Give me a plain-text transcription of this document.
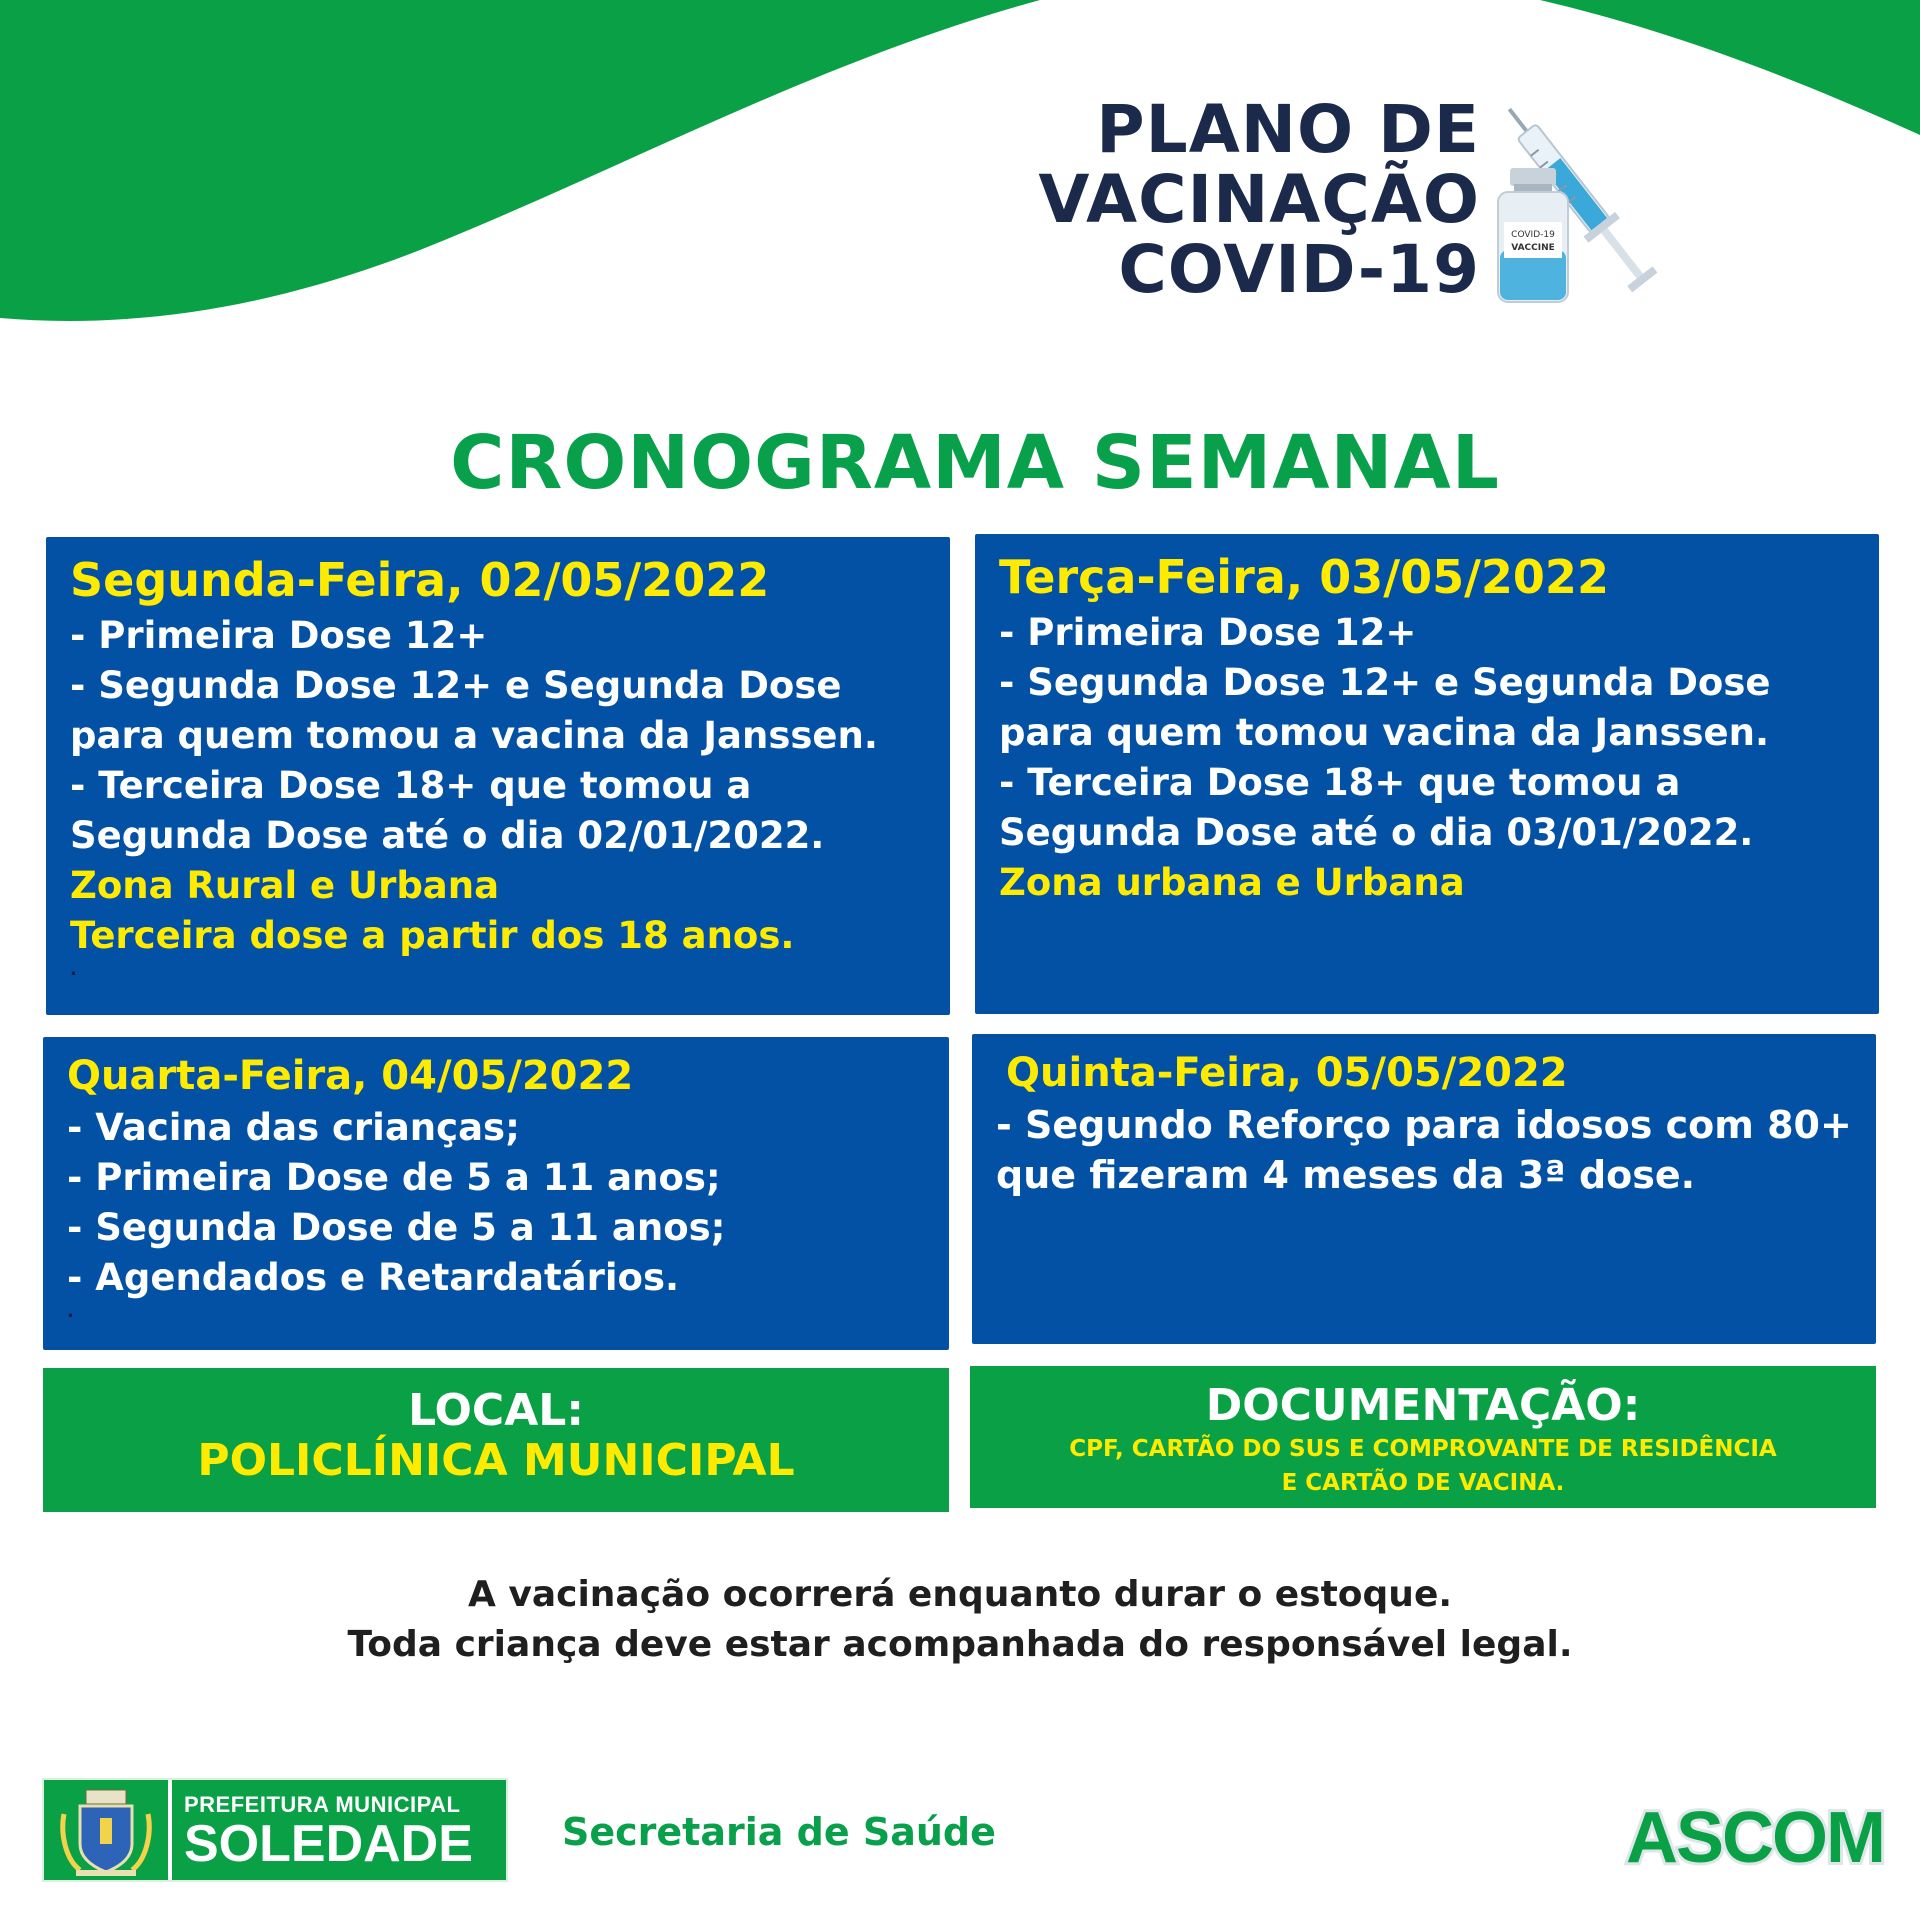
PLANO DE
VACINAÇÃO
COVID-19	COVID-19
VACCINE
CRONOGRAMA SEMANAL
Segunda-Feira, 02/05/2022
- Primeira Dose 12+
- Segunda Dose 12+ e Segunda Dose
para quem tomou a vacina da Janssen.
- Terceira Dose 18+ que tomou a
Segunda Dose até o dia 02/01/2022.
Zona Rural e Urbana
Terceira dose a partir dos 18 anos.
.
Terça-Feira, 03/05/2022
- Primeira Dose 12+
- Segunda Dose 12+ e Segunda Dose
para quem tomou vacina da Janssen.
- Terceira Dose 18+ que tomou a
Segunda Dose até o dia 03/01/2022.
Zona urbana e Urbana
Quarta-Feira, 04/05/2022
- Vacina das crianças;
- Primeira Dose de 5 a 11 anos;
- Segunda Dose de 5 a 11 anos;
- Agendados e Retardatários.
.
Quinta-Feira, 05/05/2022
- Segundo Reforço para idosos com 80+
que fizeram 4 meses da 3ª dose.
LOCAL:
POLICLÍNICA MUNICIPAL
DOCUMENTAÇÃO:
CPF, CARTÃO DO SUS E COMPROVANTE DE RESIDÊNCIA
E CARTÃO DE VACINA.
A vacinação ocorrerá enquanto durar o estoque.
Toda criança deve estar acompanhada do responsável legal.
PREFEITURA MUNICIPAL
SOLEDADE Secretaria de Saúde	ASCOM
